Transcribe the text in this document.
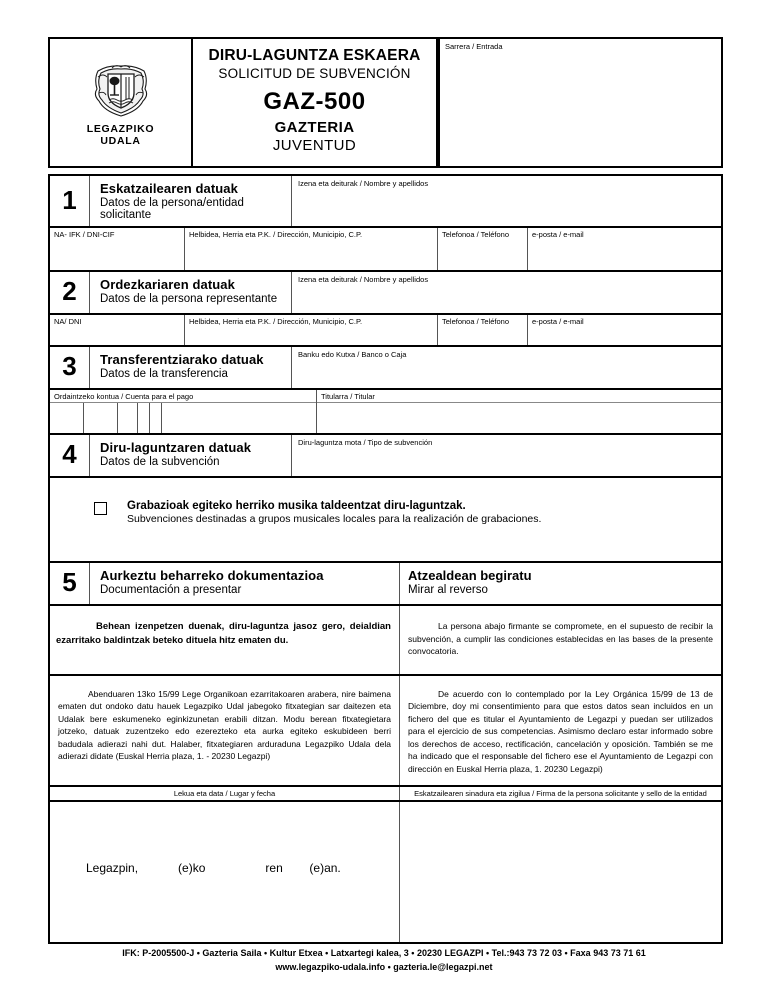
LEGAZPIKO
UDALA
DIRU-LAGUNTZA ESKAERA
SOLICITUD DE SUBVENCIÓN
GAZ-500
GAZTERIA
JUVENTUD
Sarrera / Entrada
1	Eskatzailearen datuak
Datos de la persona/entidad solicitante
Izena eta deiturak / Nombre y apellidos
NA- IFK / DNI-CIF	Helbidea, Herria eta P.K. / Dirección, Municipio, C.P.	Telefonoa / Teléfono	e-posta / e-mail
2	Ordezkariaren datuak
Datos de la persona representante
Izena eta deiturak / Nombre y apellidos
NA/ DNI	Helbidea, Herria eta P.K. / Dirección, Municipio, C.P.	Telefonoa / Teléfono	e-posta / e-mail
3	Transferentziarako datuak
Datos de la transferencia
Banku edo Kutxa / Banco o Caja
Ordaintzeko kontua / Cuenta para el pago	Titularra / Titular
4	Diru-laguntzaren datuak
Datos de la subvención
Diru-laguntza mota / Tipo de subvención
Grabazioak egiteko herriko musika taldeentzat diru-laguntzak.
Subvenciones destinadas a grupos musicales locales para la realización de grabaciones.
5	Aurkeztu beharreko dokumentazioa
Documentación a presentar
Atzealdean begiratu
Mirar al reverso
Behean izenpetzen duenak, diru-laguntza jasoz gero, deialdian ezarritako baldintzak beteko dituela hitz ematen du.
La persona abajo firmante se compromete, en el supuesto de recibir la subvención, a cumplir las condiciones establecidas en las bases de la presente convocatoria.
Abenduaren 13ko 15/99 Lege Organikoan ezarritakoaren arabera, nire baimena ematen dut ondoko datu hauek Legazpiko Udal jabegoko fitxategian sar daitezen eta Udalak bere eskumeneko eginkizunetan erabili ditzan. Modu berean fitxategietara jotzeko, datuak zuzentzeko edo ezerezteko eta aurka egiteko eskubideen berri badudala adierazi nahi dut. Halaber, fitxategiaren arduraduna Legazpiko Udala dela adierazi didate (Euskal Herria plaza, 1. - 20230 Legazpi)
De acuerdo con lo contemplado por la Ley Orgánica 15/99 de 13 de Diciembre, doy mi consentimiento para que estos datos sean incluidos en un fichero del que es titular el Ayuntamiento de Legazpi y puedan ser utilizados para el ejercicio de sus competencias. Asimismo declaro estar informado sobre los derechos de acceso, rectificación, cancelación y oposición. También se me ha indicado que el responsable del fichero ese el Ayuntamiento de Legazpi con dirección en Euskal Herria plaza, 1. 20230 Legazpi)
Lekua eta data / Lugar y fecha	Eskatzailearen sinadura eta zigilua / Firma de la persona solicitante y sello de la entidad
Legazpin,            (e)ko                  ren        (e)an.
IFK: P-2005500-J • Gazteria Saila • Kultur Etxea • Latxartegi kalea, 3 • 20230 LEGAZPI • Tel.:943 73 72 03 • Faxa 943 73 71 61
www.legazpiko-udala.info • gazteria.le@legazpi.net
